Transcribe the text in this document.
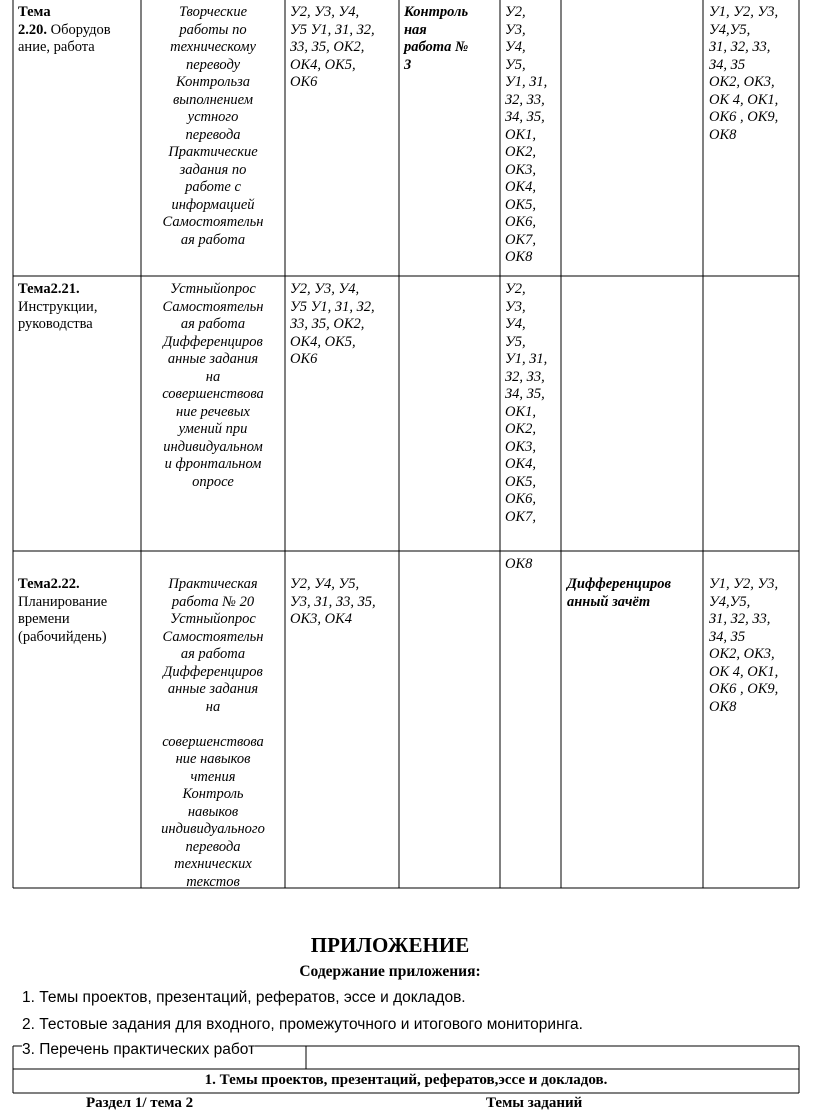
Тема
2.20. Оборудов
ание, работа
Творческие
работы по
техническому
переводу
Контрольза
выполнением
устного
перевода
Практические
задания по
работе с
информацией
Самостоятельн
ая работа
У2, У3, У4,
У5 У1, З1, З2,
З3, З5, ОК2,
ОК4, ОК5,
ОК6
Контроль
ная
работа №
3
У2,
У3,
У4,
У5,
У1, З1,
З2, З3,
З4, З5,
ОК1,
ОК2,
ОК3,
ОК4,
ОК5,
ОК6,
ОК7,
ОК8
У1, У2, У3,
У4,У5,
З1, З2, З3,
З4, З5
ОК2, ОК3,
ОК 4, ОК1,
ОК6 , ОК9,
ОК8
Тема2.21.
Инструкции,
руководства
Устныйопрос
Самостоятельн
ая работа
Дифференциров
анные задания
на
совершенствова
ние речевых
умений при
индивидуальном
и фронтальном
опросе
У2, У3, У4,
У5 У1, З1, З2,
З3, З5, ОК2,
ОК4, ОК5,
ОК6
У2,
У3,
У4,
У5,
У1, З1,
З2, З3,
З4, З5,
ОК1,
ОК2,
ОК3,
ОК4,
ОК5,
ОК6,
ОК7,
Тема2.22.
Планирование
времени
(рабочийдень)
Практическая
работа № 20
Устныйопрос
Самостоятельн
ая работа
Дифференциров
анные задания
на
совершенствова
ние навыков
чтения
Контроль
навыков
индивидуального
перевода
технических
текстов
У2, У4, У5,
У3, З1, З3, З5,
ОК3, ОК4
ОК8
Дифференциров
анный зачёт
У1, У2, У3,
У4,У5,
З1, З2, З3,
З4, З5
ОК2, ОК3,
ОК 4, ОК1,
ОК6 , ОК9,
ОК8
ПРИЛОЖЕНИЕ
Содержание приложения:
1. Темы проектов, презентаций, рефератов, эссе и докладов.
2. Тестовые задания для входного, промежуточного и итогового мониторинга.
3. Перечень практических работ
1. Темы проектов, презентаций, рефератов,эссе и докладов.
Раздел 1/ тема 2	Темы заданий
